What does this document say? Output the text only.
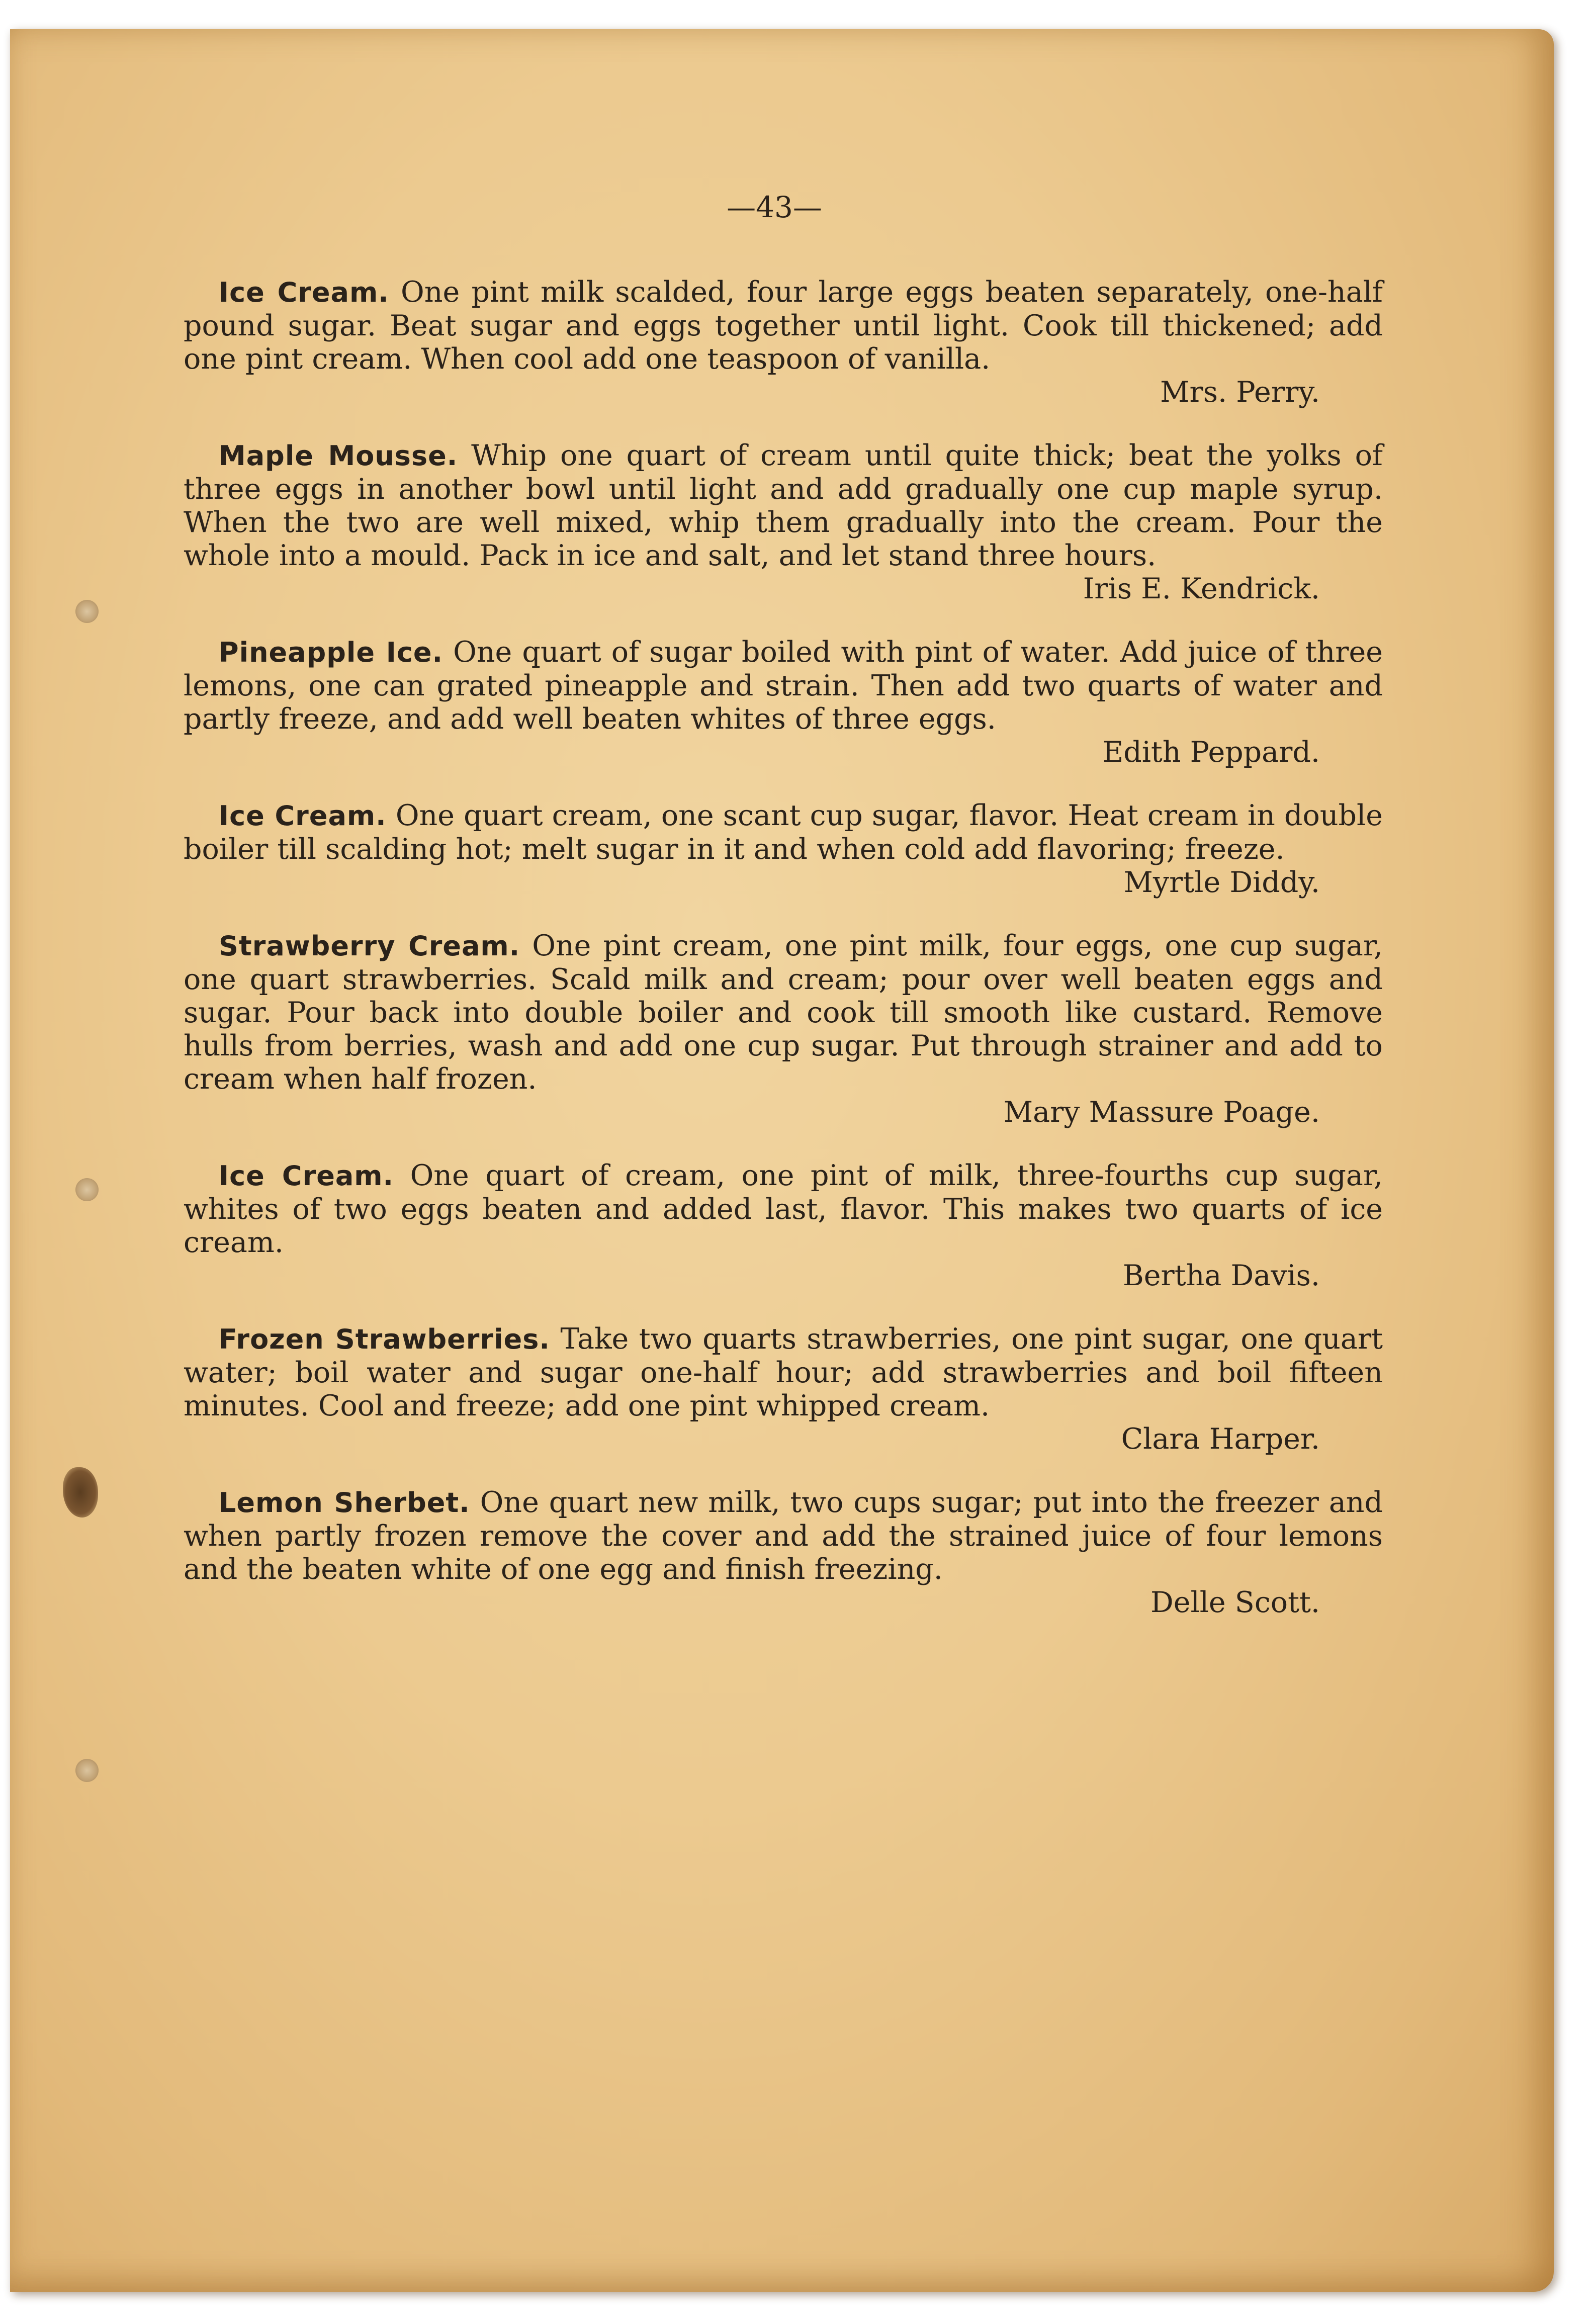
—43—

Ice Cream. One pint milk scalded, four large eggs beaten separately, one-half pound sugar. Beat sugar and eggs together until light. Cook till thickened; add one pint cream. When cool add one teaspoon of vanilla.
Mrs. Perry.

Maple Mousse. Whip one quart of cream until quite thick; beat the yolks of three eggs in another bowl until light and add gradually one cup maple syrup. When the two are well mixed, whip them gradually into the cream. Pour the whole into a mould. Pack in ice and salt, and let stand three hours.
Iris E. Kendrick.

Pineapple Ice. One quart of sugar boiled with pint of water. Add juice of three lemons, one can grated pineapple and strain. Then add two quarts of water and partly freeze, and add well beaten whites of three eggs.
Edith Peppard.

Ice Cream. One quart cream, one scant cup sugar, flavor. Heat cream in double boiler till scalding hot; melt sugar in it and when cold add flavoring; freeze.
Myrtle Diddy.

Strawberry Cream. One pint cream, one pint milk, four eggs, one cup sugar, one quart strawberries. Scald milk and cream; pour over well beaten eggs and sugar. Pour back into double boiler and cook till smooth like custard. Remove hulls from berries, wash and add one cup sugar. Put through strainer and add to cream when half frozen.
Mary Massure Poage.

Ice Cream. One quart of cream, one pint of milk, three-fourths cup sugar, whites of two eggs beaten and added last, flavor. This makes two quarts of ice cream.
Bertha Davis.

Frozen Strawberries. Take two quarts strawberries, one pint sugar, one quart water; boil water and sugar one-half hour; add strawberries and boil fifteen minutes. Cool and freeze; add one pint whipped cream.
Clara Harper.

Lemon Sherbet. One quart new milk, two cups sugar; put into the freezer and when partly frozen remove the cover and add the strained juice of four lemons and the beaten white of one egg and finish freezing.
Delle Scott.
